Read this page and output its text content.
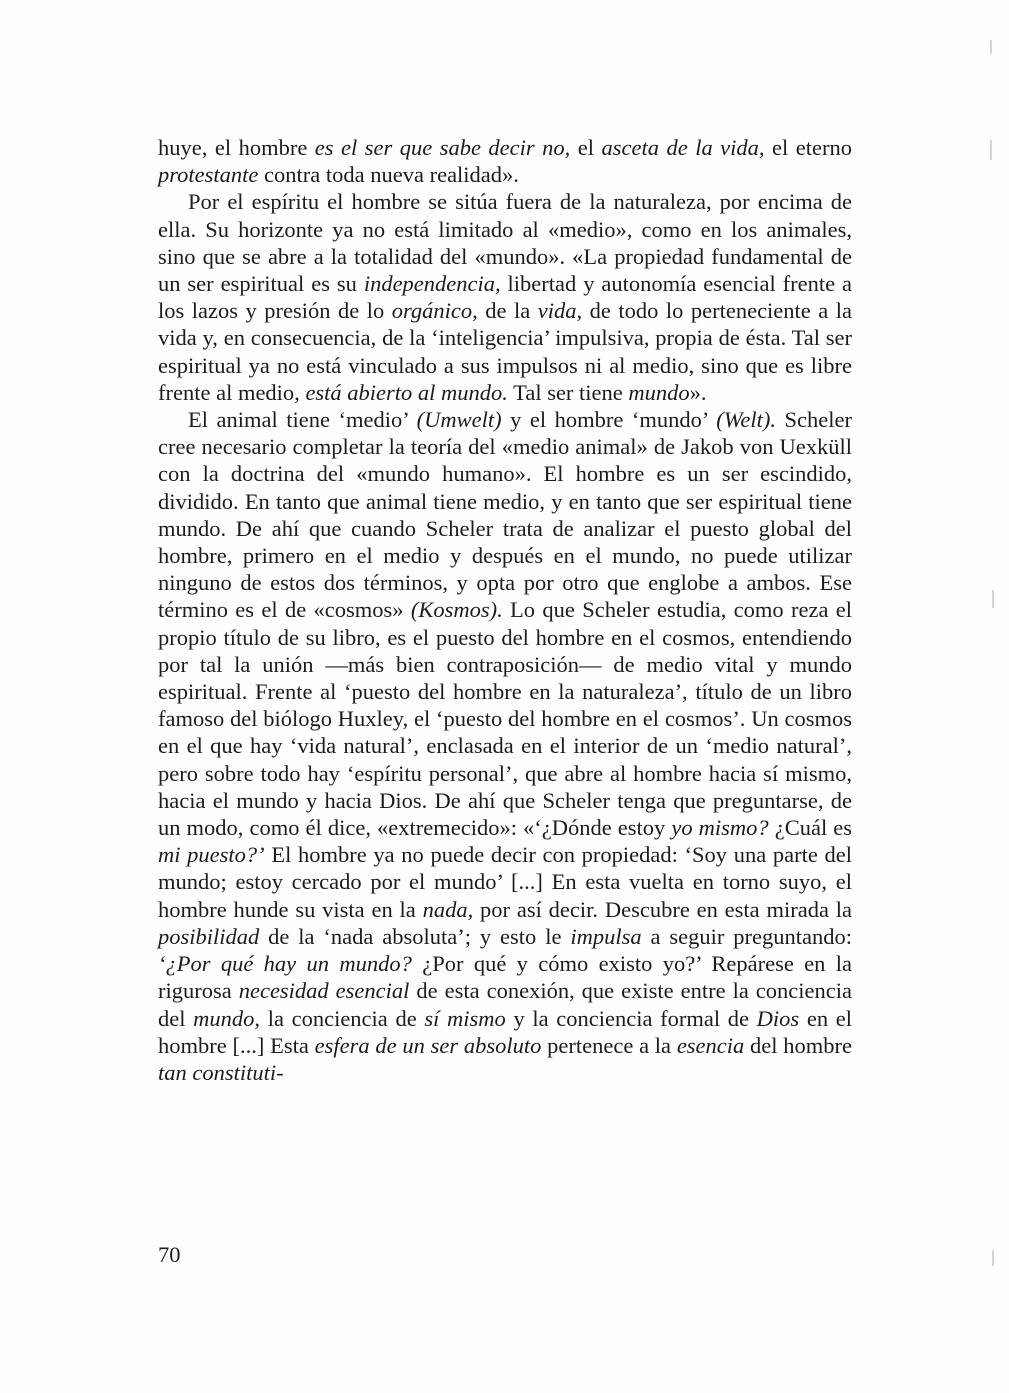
huye, el hombre es el ser que sabe decir no, el asceta de la vida, el eterno protestante contra toda nueva realidad».

Por el espíritu el hombre se sitúa fuera de la naturaleza, por encima de ella. Su horizonte ya no está limitado al «medio», como en los animales, sino que se abre a la totalidad del «mundo». «La propiedad fundamental de un ser espiritual es su independencia, libertad y autonomía esencial frente a los lazos y presión de lo orgánico, de la vida, de todo lo perteneciente a la vida y, en consecuencia, de la ‘inteligencia’ impulsiva, propia de ésta. Tal ser espiritual ya no está vinculado a sus impulsos ni al medio, sino que es libre frente al medio, está abierto al mundo. Tal ser tiene mundo».

El animal tiene ‘medio’ (Umwelt) y el hombre ‘mundo’ (Welt). Scheler cree necesario completar la teoría del «medio animal» de Jakob von Uexküll con la doctrina del «mundo humano». El hombre es un ser escindido, dividido. En tanto que animal tiene medio, y en tanto que ser espiritual tiene mundo. De ahí que cuando Scheler trata de analizar el puesto global del hombre, primero en el medio y después en el mundo, no puede utilizar ninguno de estos dos términos, y opta por otro que englobe a ambos. Ese término es el de «cosmos» (Kosmos). Lo que Scheler estudia, como reza el propio título de su libro, es el puesto del hombre en el cosmos, entendiendo por tal la unión —más bien contraposición— de medio vital y mundo espiritual. Frente al ‘puesto del hombre en la naturaleza’, título de un libro famoso del biólogo Huxley, el ‘puesto del hombre en el cosmos’. Un cosmos en el que hay ‘vida natural’, enclasada en el interior de un ‘medio natural’, pero sobre todo hay ‘espíritu personal’, que abre al hombre hacia sí mismo, hacia el mundo y hacia Dios. De ahí que Scheler tenga que preguntarse, de un modo, como él dice, «extremecido»: «‘¿Dónde estoy yo mismo? ¿Cuál es mi puesto?’ El hombre ya no puede decir con propiedad: ‘Soy una parte del mundo; estoy cercado por el mundo’ [...] En esta vuelta en torno suyo, el hombre hunde su vista en la nada, por así decir. Descubre en esta mirada la posibilidad de la ‘nada absoluta’; y esto le impulsa a seguir preguntando: ‘¿Por qué hay un mundo? ¿Por qué y cómo existo yo?’ Repárese en la rigurosa necesidad esencial de esta conexión, que existe entre la conciencia del mundo, la conciencia de sí mismo y la conciencia formal de Dios en el hombre [...] Esta esfera de un ser absoluto pertenece a la esencia del hombre tan constituti-

70
